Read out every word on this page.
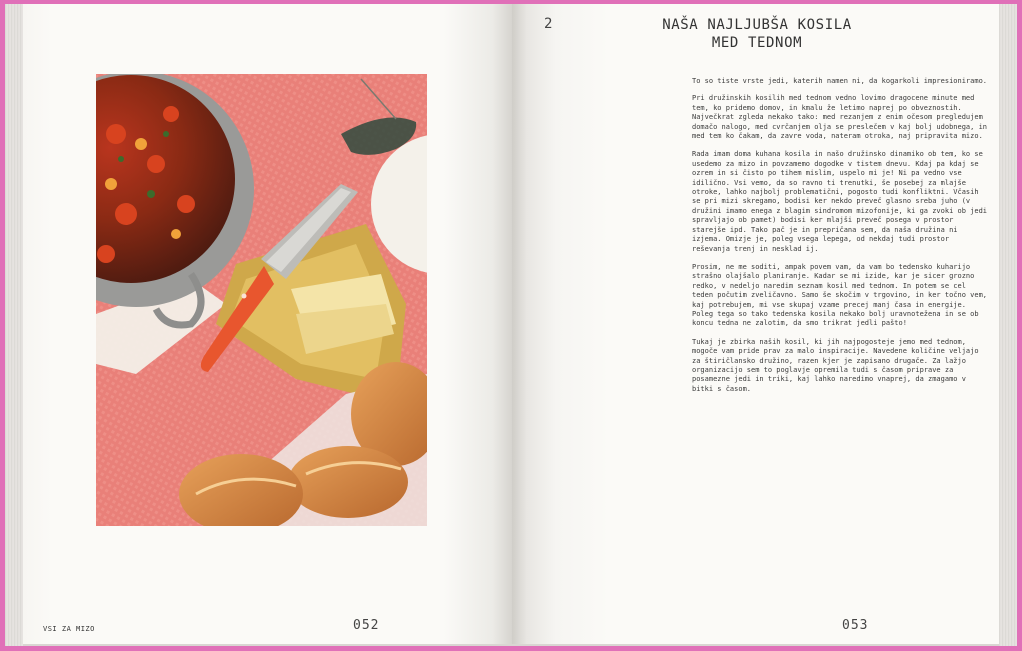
VSI ZA MIZO	052
2	NAŠA NAJLJUBŠA KOSILA
MED TEDNOM

To so tiste vrste jedi, katerih namen ni, da kogarkoli impresioniramo.

Pri družinskih kosilih med tednom vedno lovimo dragocene minute med tem, ko pridemo domov, in kmalu že letimo naprej po obveznostih. Največkrat zgleda nekako tako: med rezanjem z enim očesom pregledujem domačo nalogo, med cvrčanjem olja se preslečem v kaj bolj udobnega, in med tem ko čakam, da zavre voda, nateram otroka, naj pripravita mizo.

Rada imam doma kuhana kosila in našo družinsko dinamiko ob tem, ko se usedemo za mizo in povzamemo dogodke v tistem dnevu. Kdaj pa kdaj se ozrem in si čisto po tihem mislim, uspelo mi je! Ni pa vedno vse idilično. Vsi vemo, da so ravno ti trenutki, še posebej za mlajše otroke, lahko najbolj problematični, pogosto tudi konfliktni. Včasih se pri mizi skregamo, bodisi ker nekdo preveč glasno srebа juho (v družini imamo enega z blagim sindromom mizofonije, ki ga zvoki ob jedi spravljajo ob pamet) bodisi ker mlajši preveč posega v prostor starejše ipd. Tako pač je in prepričana sem, da naša družina ni izjema. Omizje je, poleg vsega lepega, od nekdaj tudi prostor reševanja trenj in nesklad ij.

Prosim, ne me soditi, ampak povem vam, da vam bo tedensko kuharijo strašno olajšalo planiranje. Kadar se mi izide, kar je sicer grozno redko, v nedeljo naredim seznam kosil med tednom. In potem se cel teden počutim zveličavno. Samo še skočim v trgovino, in ker točno vem, kaj potrebujem, mi vse skupaj vzame precej manj časa in energije. Poleg tega so tako tedenska kosila nekako bolj uravnotežena in se ob koncu tedna ne zalotim, da smo trikrat jedli pašto!

Tukaj je zbirka naših kosil, ki jih najpogosteje jemo med tednom, mogoče vam pride prav za malo inspiracije. Navedene količine veljajo za štiričlansko družino, razen kjer je zapisano drugače. Za lažjo organizacijo sem to poglavje opremila tudi s časom priprave za posamezne jedi in triki, kaj lahko naredimo vnaprej, da zmagamo v bitki s časom.

053
